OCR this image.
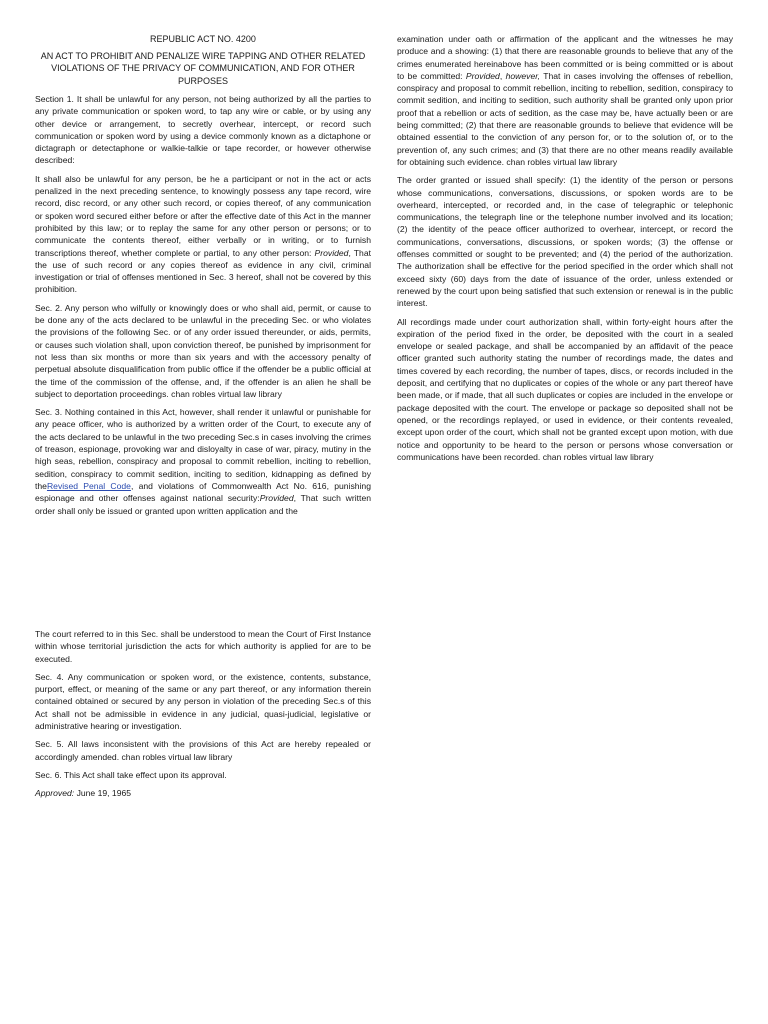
REPUBLIC ACT NO. 4200
AN ACT TO PROHIBIT AND PENALIZE WIRE TAPPING AND OTHER RELATED VIOLATIONS OF THE PRIVACY OF COMMUNICATION, AND FOR OTHER PURPOSES

Section 1. It shall be unlawful for any person, not being authorized by all the parties to any private communication or spoken word, to tap any wire or cable, or by using any other device or arrangement, to secretly overhear, intercept, or record such communication or spoken word by using a device commonly known as a dictaphone or dictagraph or detectaphone or walkie-talkie or tape recorder, or however otherwise described:

It shall also be unlawful for any person, be he a participant or not in the act or acts penalized in the next preceding sentence, to knowingly possess any tape record, wire record, disc record, or any other such record, or copies thereof, of any communication or spoken word secured either before or after the effective date of this Act in the manner prohibited by this law; or to replay the same for any other person or persons; or to communicate the contents thereof, either verbally or in writing, or to furnish transcriptions thereof, whether complete or partial, to any other person: Provided, That the use of such record or any copies thereof as evidence in any civil, criminal investigation or trial of offenses mentioned in Sec. 3 hereof, shall not be covered by this prohibition.

Sec. 2. Any person who wilfully or knowingly does or who shall aid, permit, or cause to be done any of the acts declared to be unlawful in the preceding Sec. or who violates the provisions of the following Sec. or of any order issued thereunder, or aids, permits, or causes such violation shall, upon conviction thereof, be punished by imprisonment for not less than six months or more than six years and with the accessory penalty of perpetual absolute disqualification from public office if the offender be a public official at the time of the commission of the offense, and, if the offender is an alien he shall be subject to deportation proceedings. chan robles virtual law library

Sec. 3. Nothing contained in this Act, however, shall render it unlawful or punishable for any peace officer, who is authorized by a written order of the Court, to execute any of the acts declared to be unlawful in the two preceding Sec.s in cases involving the crimes of treason, espionage, provoking war and disloyalty in case of war, piracy, mutiny in the high seas, rebellion, conspiracy and proposal to commit rebellion, inciting to rebellion, sedition, conspiracy to commit sedition, inciting to sedition, kidnapping as defined by theRevised Penal Code, and violations of Commonwealth Act No. 616, punishing espionage and other offenses against national security:Provided, That such written order shall only be issued or granted upon written application and the

examination under oath or affirmation of the applicant and the witnesses he may produce and a showing: (1) that there are reasonable grounds to believe that any of the crimes enumerated hereinabove has been committed or is being committed or is about to be committed: Provided, however, That in cases involving the offenses of rebellion, conspiracy and proposal to commit rebellion, inciting to rebellion, sedition, conspiracy to commit sedition, and inciting to sedition, such authority shall be granted only upon prior proof that a rebellion or acts of sedition, as the case may be, have actually been or are being committed; (2) that there are reasonable grounds to believe that evidence will be obtained essential to the conviction of any person for, or to the solution of, or to the prevention of, any such crimes; and (3) that there are no other means readily available for obtaining such evidence. chan robles virtual law library

The order granted or issued shall specify: (1) the identity of the person or persons whose communications, conversations, discussions, or spoken words are to be overheard, intercepted, or recorded and, in the case of telegraphic or telephonic communications, the telegraph line or the telephone number involved and its location; (2) the identity of the peace officer authorized to overhear, intercept, or record the communications, conversations, discussions, or spoken words; (3) the offense or offenses committed or sought to be prevented; and (4) the period of the authorization. The authorization shall be effective for the period specified in the order which shall not exceed sixty (60) days from the date of issuance of the order, unless extended or renewed by the court upon being satisfied that such extension or renewal is in the public interest.

All recordings made under court authorization shall, within forty-eight hours after the expiration of the period fixed in the order, be deposited with the court in a sealed envelope or sealed package, and shall be accompanied by an affidavit of the peace officer granted such authority stating the number of recordings made, the dates and times covered by each recording, the number of tapes, discs, or records included in the deposit, and certifying that no duplicates or copies of the whole or any part thereof have been made, or if made, that all such duplicates or copies are included in the envelope or package deposited with the court. The envelope or package so deposited shall not be opened, or the recordings replayed, or used in evidence, or their contents revealed, except upon order of the court, which shall not be granted except upon motion, with due notice and opportunity to be heard to the person or persons whose conversation or communications have been recorded. chan robles virtual law library

The court referred to in this Sec. shall be understood to mean the Court of First Instance within whose territorial jurisdiction the acts for which authority is applied for are to be executed.

Sec. 4. Any communication or spoken word, or the existence, contents, substance, purport, effect, or meaning of the same or any part thereof, or any information therein contained obtained or secured by any person in violation of the preceding Sec.s of this Act shall not be admissible in evidence in any judicial, quasi-judicial, legislative or administrative hearing or investigation.

Sec. 5. All laws inconsistent with the provisions of this Act are hereby repealed or accordingly amended. chan robles virtual law library

Sec. 6. This Act shall take effect upon its approval.

Approved: June 19, 1965
